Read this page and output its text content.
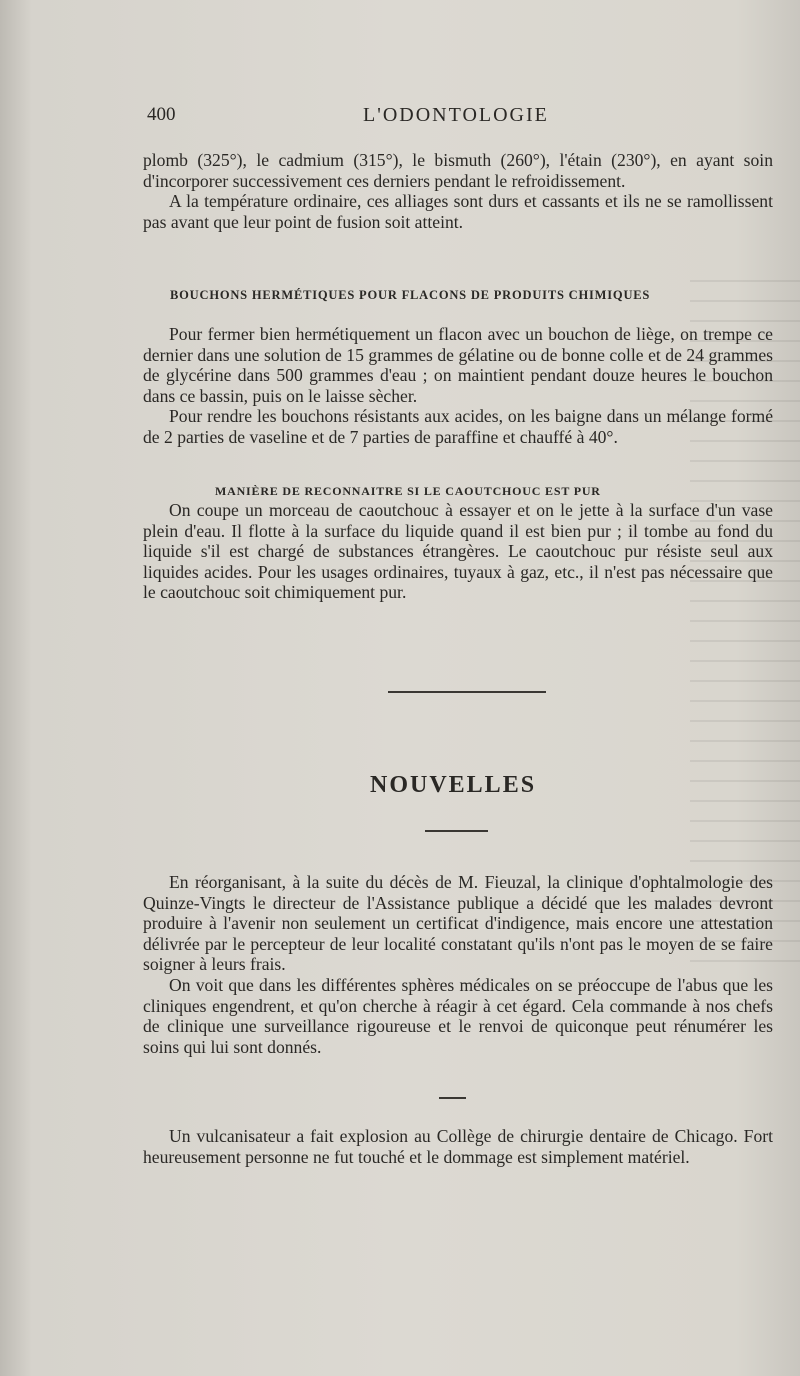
400	L'ODONTOLOGIE

plomb (325°), le cadmium (315°), le bismuth (260°), l'étain (230°), en ayant soin d'incorporer successivement ces derniers pendant le refroidissement.

A la température ordinaire, ces alliages sont durs et cassants et ils ne se ramollissent pas avant que leur point de fusion soit atteint.

BOUCHONS HERMÉTIQUES POUR FLACONS DE PRODUITS CHIMIQUES

Pour fermer bien hermétiquement un flacon avec un bouchon de liège, on trempe ce dernier dans une solution de 15 grammes de gélatine ou de bonne colle et de 24 grammes de glycérine dans 500 grammes d'eau ; on maintient pendant douze heures le bouchon dans ce bassin, puis on le laisse sècher.

Pour rendre les bouchons résistants aux acides, on les baigne dans un mélange formé de 2 parties de vaseline et de 7 parties de paraffine et chauffé à 40°.

MANIÈRE DE RECONNAITRE SI LE CAOUTCHOUC EST PUR

On coupe un morceau de caoutchouc à essayer et on le jette à la surface d'un vase plein d'eau. Il flotte à la surface du liquide quand il est bien pur ; il tombe au fond du liquide s'il est chargé de substances étrangères. Le caoutchouc pur résiste seul aux liquides acides. Pour les usages ordinaires, tuyaux à gaz, etc., il n'est pas nécessaire que le caoutchouc soit chimiquement pur.

NOUVELLES

En réorganisant, à la suite du décès de M. Fieuzal, la clinique d'ophtalmologie des Quinze-Vingts le directeur de l'Assistance publique a décidé que les malades devront produire à l'avenir non seulement un certificat d'indigence, mais encore une attestation délivrée par le percepteur de leur localité constatant qu'ils n'ont pas le moyen de se faire soigner à leurs frais.

On voit que dans les différentes sphères médicales on se préoccupe de l'abus que les cliniques engendrent, et qu'on cherche à réagir à cet égard. Cela commande à nos chefs de clinique une surveillance rigoureuse et le renvoi de quiconque peut rénumérer les soins qui lui sont donnés.

Un vulcanisateur a fait explosion au Collège de chirurgie dentaire de Chicago. Fort heureusement personne ne fut touché et le dommage est simplement matériel.
